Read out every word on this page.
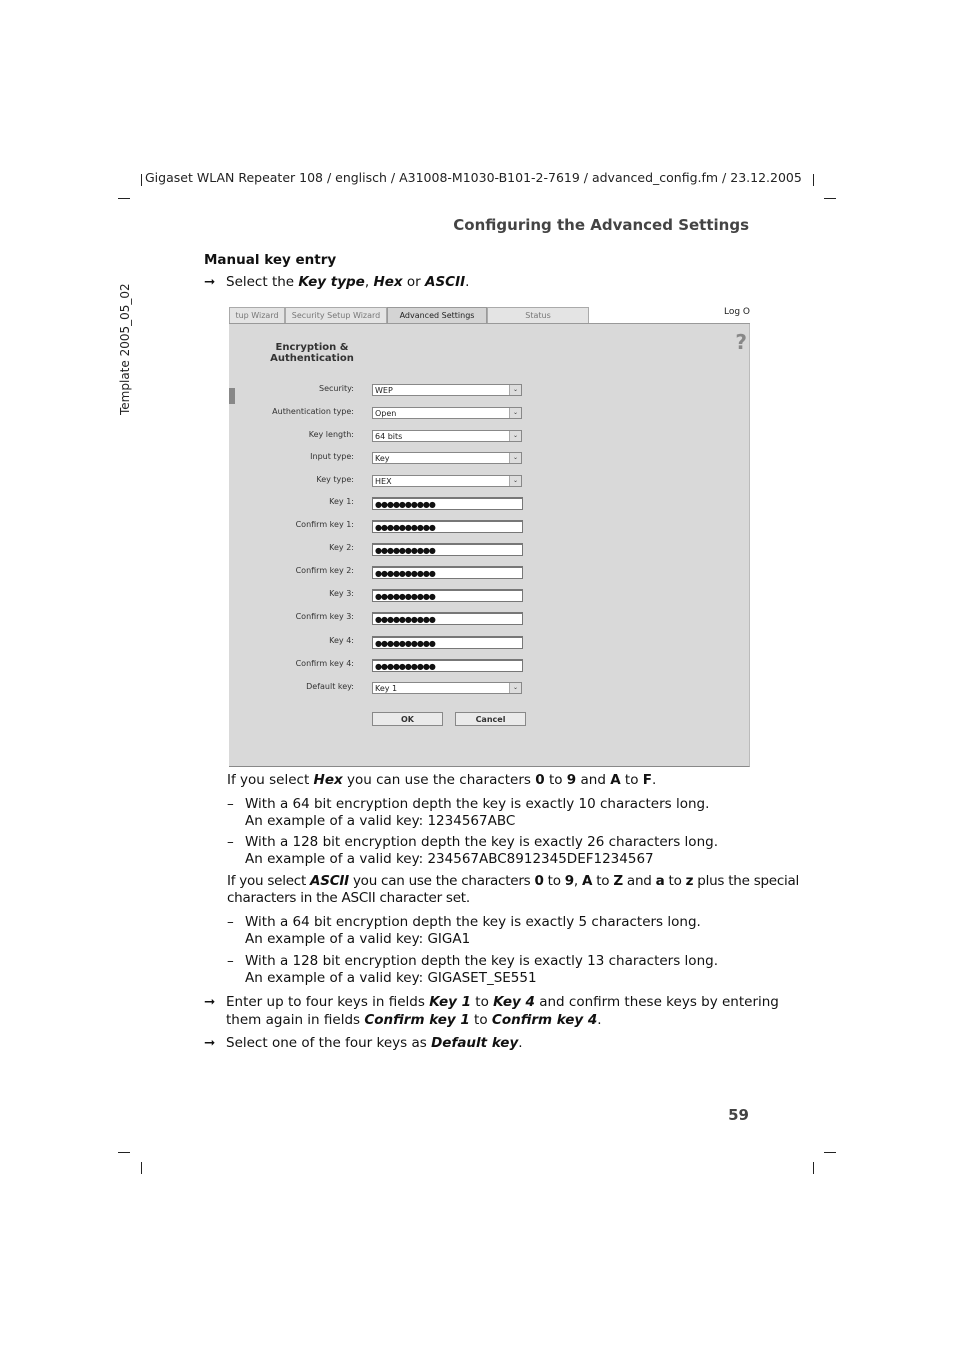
Gigaset WLAN Repeater 108 / englisch / A31008-M1030-B101-2-7619 / advanced_config.fm / 23.12.2005
Configuring the Advanced Settings
Template 2005_05_02
Manual key entry
➞ Select the Key type, Hex or ASCII.
tup Wizard	Security Setup Wizard	Advanced Settings	Status	Log O
?
Encryption & Authentication
Security:	WEP	⌄
Authentication type:	Open	⌄
Key length:	64 bits	⌄
Input type:	Key	⌄
Key type:	HEX	⌄
Key 1:	●●●●●●●●●●
Confirm key 1:	●●●●●●●●●●
Key 2:	●●●●●●●●●●
Confirm key 2:	●●●●●●●●●●
Key 3:	●●●●●●●●●●
Confirm key 3:	●●●●●●●●●●
Key 4:	●●●●●●●●●●
Confirm key 4:	●●●●●●●●●●
Default key:	Key 1	⌄
OK	Cancel
If you select Hex you can use the characters 0 to 9 and A to F.
– With a 64 bit encryption depth the key is exactly 10 characters long.
An example of a valid key: 1234567ABC
– With a 128 bit encryption depth the key is exactly 26 characters long.
An example of a valid key: 234567ABC8912345DEF1234567
If you select ASCII you can use the characters 0 to 9, A to Z and a to z plus the special
characters in the ASCII character set.
– With a 64 bit encryption depth the key is exactly 5 characters long.
An example of a valid key: GIGA1
– With a 128 bit encryption depth the key is exactly 13 characters long.
An example of a valid key: GIGASET_SE551
➞ Enter up to four keys in fields Key 1 to Key 4 and confirm these keys by entering
them again in fields Confirm key 1 to Confirm key 4.
➞ Select one of the four keys as Default key.
59
